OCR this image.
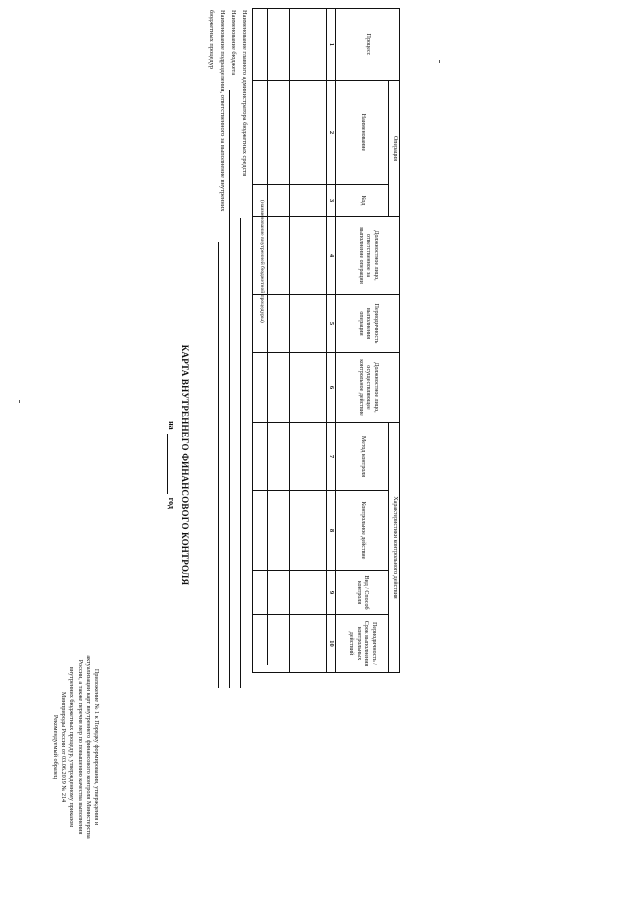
Приложение № 1 к Порядку формирования, утверждения и
актуализации карт внутреннего финансового контроля Министерства
России, а также перечня мер по повышению качества выполнения
внутренних бюджетных процедур, утвержденному приказом
Минприроды России от 03.06.2019 № 214
Рекомендуемый образец
КАРТА ВНУТРЕННЕГО ФИНАНСОВОГО КОНТРОЛЯ
на  год
Наименование главного администратора бюджетных средств
Наименование бюджета
Наименование подразделения, ответственного за выполнение внутренних
бюджетных процедур
(наименование внутренней бюджетной процедуры)
Процесс	Операция		Должностное лицо, ответственное за выполнение операции	Периодичность выполнения операции	Должностное лицо, осуществляющее контрольное действие	Характеристики контрольного действия			
	Наименование	Код				Метод контроля	Контрольное действие	Вид / Способ контроля	Периодичность / Срок выполнения контрольных действий
1	2	3	4	5	6	7	8	9	10
